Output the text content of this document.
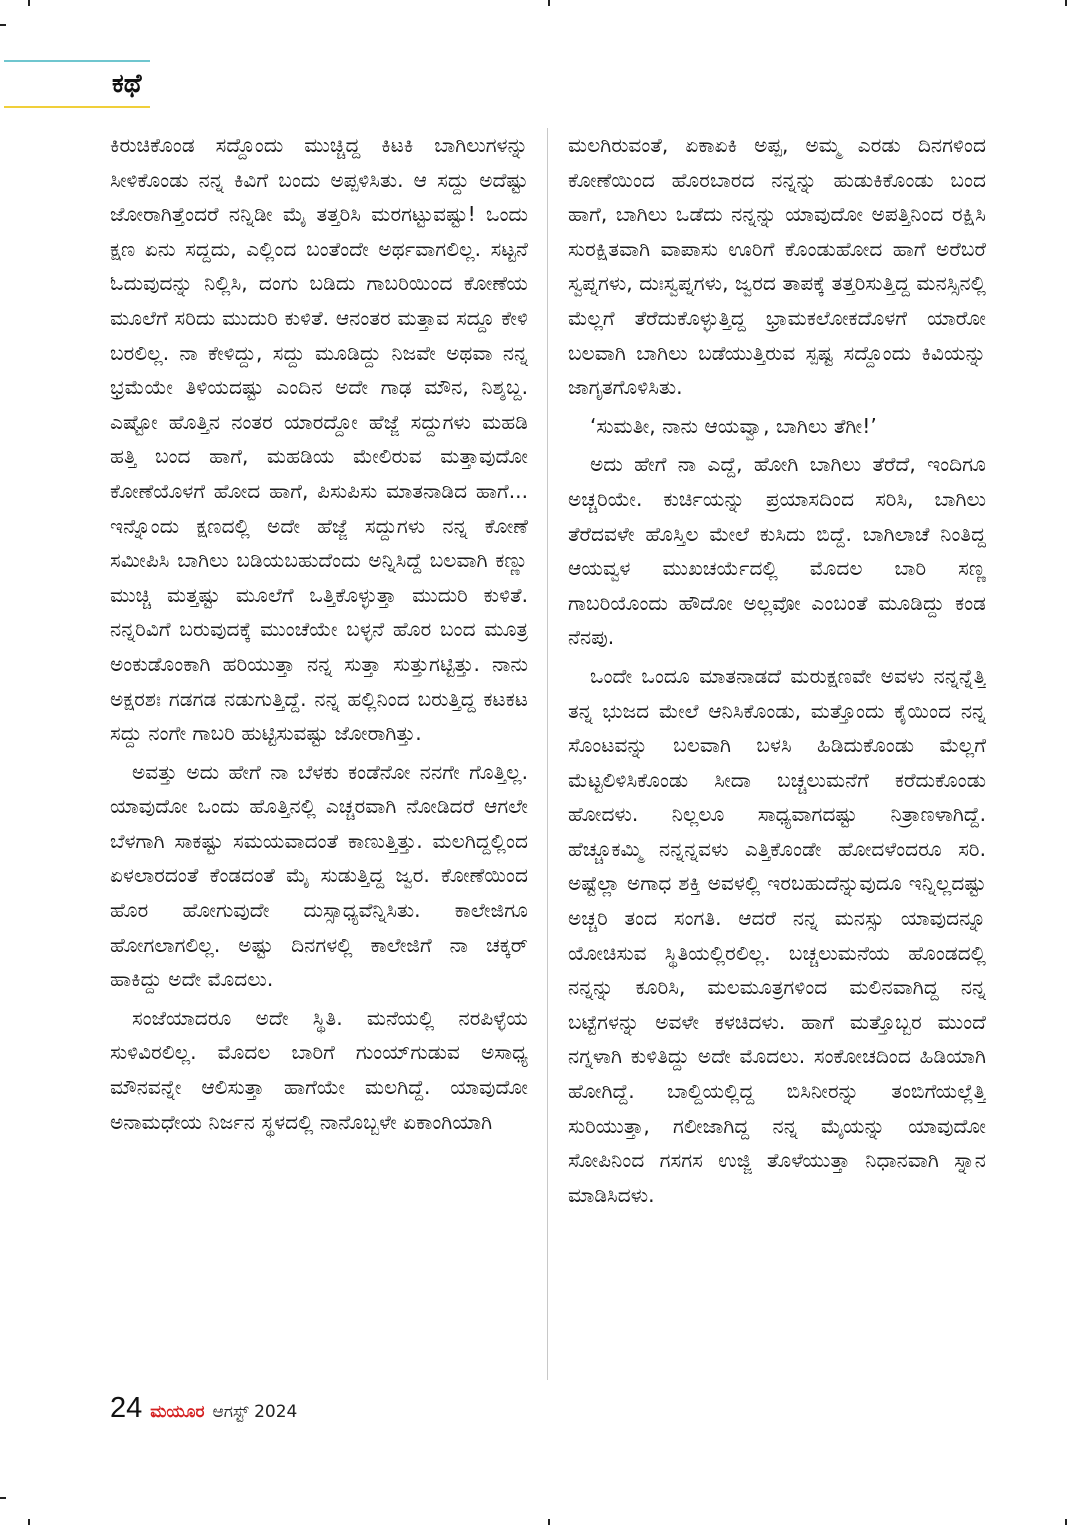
ಕಥೆ

ಕಿರುಚಿಕೊಂಡ ಸದ್ದೊಂದು ಮುಚ್ಚಿದ್ದ ಕಿಟಕಿ ಬಾಗಿಲುಗಳನ್ನು ಸೀಳಿಕೊಂಡು ನನ್ನ ಕಿವಿಗೆ ಬಂದು ಅಪ್ಪಳಿಸಿತು. ಆ ಸದ್ದು ಅದೆಷ್ಟು ಜೋರಾಗಿತ್ತೆಂದರೆ ನನ್ನಿಡೀ ಮೈ ತತ್ತರಿಸಿ ಮರಗಟ್ಟುವಷ್ಟು! ಒಂದು ಕ್ಷಣ ಏನು ಸದ್ದದು, ಎಲ್ಲಿಂದ ಬಂತೆಂದೇ ಅರ್ಥವಾಗಲಿಲ್ಲ. ಸಟ್ಟನೆ ಓದುವುದನ್ನು ನಿಲ್ಲಿಸಿ, ದಂಗು ಬಡಿದು ಗಾಬರಿಯಿಂದ ಕೋಣೆಯ ಮೂಲೆಗೆ ಸರಿದು ಮುದುರಿ ಕುಳಿತೆ. ಆನಂತರ ಮತ್ತಾವ ಸದ್ದೂ ಕೇಳಿ ಬರಲಿಲ್ಲ. ನಾ ಕೇಳಿದ್ದು, ಸದ್ದು ಮೂಡಿದ್ದು ನಿಜವೇ ಅಥವಾ ನನ್ನ ಭ್ರಮೆಯೇ ತಿಳಿಯದಷ್ಟು ಎಂದಿನ ಅದೇ ಗಾಢ ಮೌನ, ನಿಶ್ಶಬ್ದ. ಎಷ್ಟೋ ಹೊತ್ತಿನ ನಂತರ ಯಾರದ್ದೋ ಹೆಜ್ಜೆ ಸದ್ದುಗಳು ಮಹಡಿ ಹತ್ತಿ ಬಂದ ಹಾಗೆ, ಮಹಡಿಯ ಮೇಲಿರುವ ಮತ್ತಾವುದೋ ಕೋಣೆಯೊಳಗೆ ಹೋದ ಹಾಗೆ, ಪಿಸುಪಿಸು ಮಾತನಾಡಿದ ಹಾಗೆ... ಇನ್ನೊಂದು ಕ್ಷಣದಲ್ಲಿ ಅದೇ ಹೆಜ್ಜೆ ಸದ್ದುಗಳು ನನ್ನ ಕೋಣೆ ಸಮೀಪಿಸಿ ಬಾಗಿಲು ಬಡಿಯಬಹುದೆಂದು ಅನ್ನಿಸಿದ್ದೆ ಬಲವಾಗಿ ಕಣ್ಣು ಮುಚ್ಚಿ ಮತ್ತಷ್ಟು ಮೂಲೆಗೆ ಒತ್ತಿಕೊಳ್ಳುತ್ತಾ ಮುದುರಿ ಕುಳಿತೆ. ನನ್ನರಿವಿಗೆ ಬರುವುದಕ್ಕೆ ಮುಂಚೆಯೇ ಬಳ್ಳನೆ ಹೊರ ಬಂದ ಮೂತ್ರ ಅಂಕುಡೊಂಕಾಗಿ ಹರಿಯುತ್ತಾ ನನ್ನ ಸುತ್ತಾ ಸುತ್ತುಗಟ್ಟಿತ್ತು. ನಾನು ಅಕ್ಷರಶಃ ಗಡಗಡ ನಡುಗುತ್ತಿದ್ದೆ. ನನ್ನ ಹಲ್ಲಿನಿಂದ ಬರುತ್ತಿದ್ದ ಕಟಕಟ ಸದ್ದು ನಂಗೇ ಗಾಬರಿ ಹುಟ್ಟಿಸುವಷ್ಟು ಜೋರಾಗಿತ್ತು.

ಅವತ್ತು ಅದು ಹೇಗೆ ನಾ ಬೆಳಕು ಕಂಡೆನೋ ನನಗೇ ಗೊತ್ತಿಲ್ಲ. ಯಾವುದೋ ಒಂದು ಹೊತ್ತಿನಲ್ಲಿ ಎಚ್ಚರವಾಗಿ ನೋಡಿದರೆ ಆಗಲೇ ಬೆಳಗಾಗಿ ಸಾಕಷ್ಟು ಸಮಯವಾದಂತೆ ಕಾಣುತ್ತಿತ್ತು. ಮಲಗಿದ್ದಲ್ಲಿಂದ ಏಳಲಾರದಂತೆ ಕೆಂಡದಂತೆ ಮೈ ಸುಡುತ್ತಿದ್ದ ಜ್ವರ. ಕೋಣೆಯಿಂದ ಹೊರ ಹೋಗುವುದೇ ದುಸ್ಸಾಧ್ಯವೆನ್ನಿಸಿತು. ಕಾಲೇಜಿಗೂ ಹೋಗಲಾಗಲಿಲ್ಲ. ಅಷ್ಟು ದಿನಗಳಲ್ಲಿ ಕಾಲೇಜಿಗೆ ನಾ ಚಕ್ಕರ್ ಹಾಕಿದ್ದು ಅದೇ ಮೊದಲು.

ಸಂಜೆಯಾದರೂ ಅದೇ ಸ್ಥಿತಿ. ಮನೆಯಲ್ಲಿ ನರಪಿಳ್ಳೆಯ ಸುಳಿವಿರಲಿಲ್ಲ. ಮೊದಲ ಬಾರಿಗೆ ಗುಂಯ್‌ಗುಡುವ ಅಸಾಧ್ಯ ಮೌನವನ್ನೇ ಆಲಿಸುತ್ತಾ ಹಾಗೆಯೇ ಮಲಗಿದ್ದೆ. ಯಾವುದೋ ಅನಾಮಧೇಯ ನಿರ್ಜನ ಸ್ಥಳದಲ್ಲಿ ನಾನೊಬ್ಬಳೇ ಏಕಾಂಗಿಯಾಗಿ

ಮಲಗಿರುವಂತೆ, ಏಕಾಏಕಿ ಅಪ್ಪ, ಅಮ್ಮ ಎರಡು ದಿನಗಳಿಂದ ಕೋಣೆಯಿಂದ ಹೊರಬಾರದ ನನ್ನನ್ನು ಹುಡುಕಿಕೊಂಡು ಬಂದ ಹಾಗೆ, ಬಾಗಿಲು ಒಡೆದು ನನ್ನನ್ನು ಯಾವುದೋ ಅಪತ್ತಿನಿಂದ ರಕ್ಷಿಸಿ ಸುರಕ್ಷಿತವಾಗಿ ವಾಪಾಸು ಊರಿಗೆ ಕೊಂಡುಹೋದ ಹಾಗೆ ಅರೆಬರೆ ಸ್ವಪ್ನಗಳು, ದುಃಸ್ವಪ್ನಗಳು, ಜ್ವರದ ತಾಪಕ್ಕೆ ತತ್ತರಿಸುತ್ತಿದ್ದ ಮನಸ್ಸಿನಲ್ಲಿ ಮೆಲ್ಲಗೆ ತೆರೆದುಕೊಳ್ಳುತ್ತಿದ್ದ ಭ್ರಾಮಕಲೋಕದೊಳಗೆ ಯಾರೋ ಬಲವಾಗಿ ಬಾಗಿಲು ಬಡೆಯುತ್ತಿರುವ ಸ್ಪಷ್ಟ ಸದ್ದೊಂದು ಕಿವಿಯನ್ನು ಜಾಗೃತಗೊಳಿಸಿತು.

‘ಸುಮತೀ, ನಾನು ಆಯವ್ವಾ, ಬಾಗಿಲು ತೆಗೀ!’

ಅದು ಹೇಗೆ ನಾ ಎದ್ದೆ, ಹೋಗಿ ಬಾಗಿಲು ತೆರೆದೆ, ಇಂದಿಗೂ ಅಚ್ಚರಿಯೇ. ಕುರ್ಚಿಯನ್ನು ಪ್ರಯಾಸದಿಂದ ಸರಿಸಿ, ಬಾಗಿಲು ತೆರೆದವಳೇ ಹೊಸ್ತಿಲ ಮೇಲೆ ಕುಸಿದು ಬಿದ್ದೆ. ಬಾಗಿಲಾಚೆ ನಿಂತಿದ್ದ ಆಯವ್ವಳ ಮುಖಚರ್ಯೆದಲ್ಲಿ ಮೊದಲ ಬಾರಿ ಸಣ್ಣ ಗಾಬರಿಯೊಂದು ಹೌದೋ ಅಲ್ಲವೋ ಎಂಬಂತೆ ಮೂಡಿದ್ದು ಕಂಡ ನೆನಪು.

ಒಂದೇ ಒಂದೂ ಮಾತನಾಡದೆ ಮರುಕ್ಷಣವೇ ಅವಳು ನನ್ನನ್ನೆತ್ತಿ ತನ್ನ ಭುಜದ ಮೇಲೆ ಆನಿಸಿಕೊಂಡು, ಮತ್ತೊಂದು ಕೈಯಿಂದ ನನ್ನ ಸೊಂಟವನ್ನು ಬಲವಾಗಿ ಬಳಸಿ ಹಿಡಿದುಕೊಂಡು ಮೆಲ್ಲಗೆ ಮೆಟ್ಟಲಿಳಿಸಿಕೊಂಡು ಸೀದಾ ಬಚ್ಚಲುಮನೆಗೆ ಕರೆದುಕೊಂಡು ಹೋದಳು. ನಿಲ್ಲಲೂ ಸಾಧ್ಯವಾಗದಷ್ಟು ನಿತ್ರಾಣಳಾಗಿದ್ದೆ. ಹೆಚ್ಚೂಕಮ್ಮಿ ನನ್ನನ್ನವಳು ಎತ್ತಿಕೊಂಡೇ ಹೋದಳೆಂದರೂ ಸರಿ. ಅಷ್ಟೆಲ್ಲಾ ಅಗಾಧ ಶಕ್ತಿ ಅವಳಲ್ಲಿ ಇರಬಹುದೆನ್ನುವುದೂ ಇನ್ನಿಲ್ಲದಷ್ಟು ಅಚ್ಚರಿ ತಂದ ಸಂಗತಿ. ಆದರೆ ನನ್ನ ಮನಸ್ಸು ಯಾವುದನ್ನೂ ಯೋಚಿಸುವ ಸ್ಥಿತಿಯಲ್ಲಿರಲಿಲ್ಲ. ಬಚ್ಚಲುಮನೆಯ ಹೊಂಡದಲ್ಲಿ ನನ್ನನ್ನು ಕೂರಿಸಿ, ಮಲಮೂತ್ರಗಳಿಂದ ಮಲಿನವಾಗಿದ್ದ ನನ್ನ ಬಟ್ಟೆಗಳನ್ನು ಅವಳೇ ಕಳಚಿದಳು. ಹಾಗೆ ಮತ್ತೊಬ್ಬರ ಮುಂದೆ ನಗ್ನಳಾಗಿ ಕುಳಿತಿದ್ದು ಅದೇ ಮೊದಲು. ಸಂಕೋಚದಿಂದ ಹಿಡಿಯಾಗಿ ಹೋಗಿದ್ದೆ. ಬಾಲ್ದಿಯಲ್ಲಿದ್ದ ಬಿಸಿನೀರನ್ನು ತಂಬಿಗೆಯಲ್ಲೆತ್ತಿ ಸುರಿಯುತ್ತಾ, ಗಲೀಜಾಗಿದ್ದ ನನ್ನ ಮೈಯನ್ನು ಯಾವುದೋ ಸೋಪಿನಿಂದ ಗಸಗಸ ಉಜ್ಜಿ ತೊಳೆಯುತ್ತಾ ನಿಧಾನವಾಗಿ ಸ್ನಾನ ಮಾಡಿಸಿದಳು.

24 ಮಯೂರ ಆಗಸ್ಟ್ 2024
